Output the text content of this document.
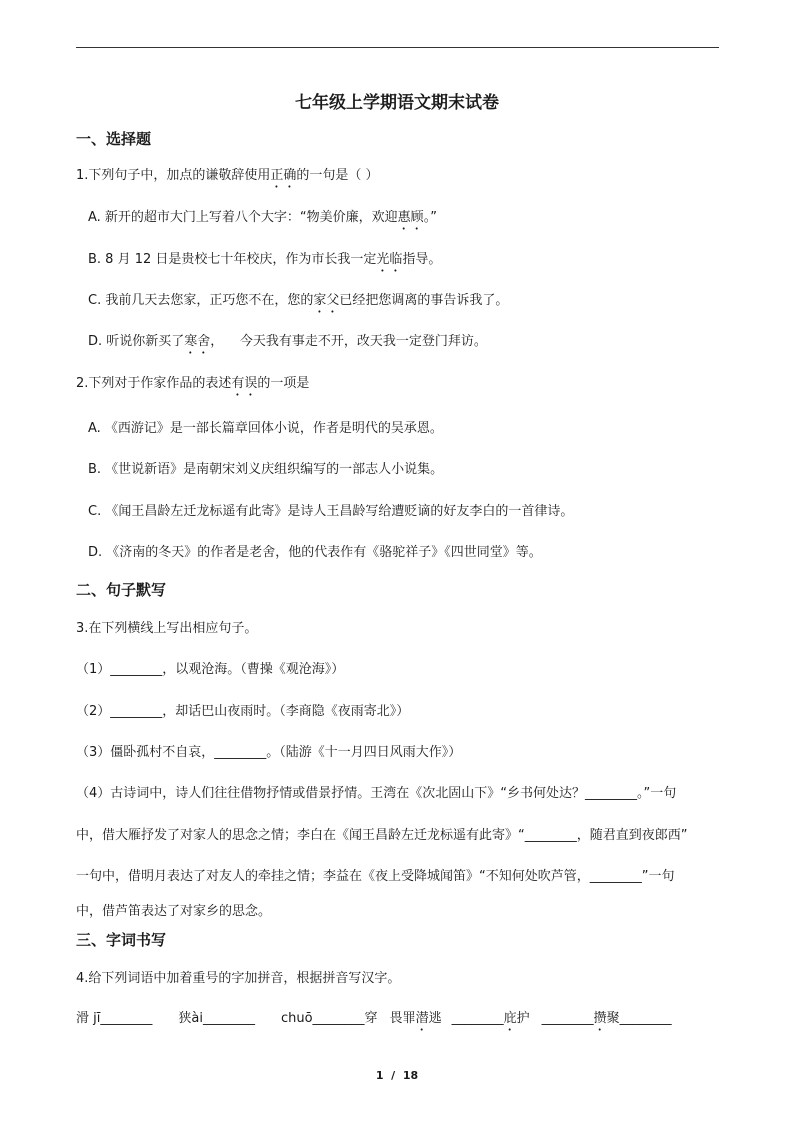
七年级上学期语文期末试卷
一、选择题
1.下列句子中，加点的谦敬辞使用正确的一句是（ ）
A. 新开的超市大门上写着八个大字：“物美价廉，欢迎惠顾。”
B. 8 月 12 日是贵校七十年校庆，作为市长我一定光临指导。
C. 我前几天去您家，正巧您不在，您的家父已经把您调离的事告诉我了。
D. 听说你新买了寒舍，    今天我有事走不开，改天我一定登门拜访。
2.下列对于作家作品的表述有误的一项是
A. 《西游记》是一部长篇章回体小说，作者是明代的吴承恩。
B. 《世说新语》是南朝宋刘义庆组织编写的一部志人小说集。
C. 《闻王昌龄左迁龙标遥有此寄》是诗人王昌龄写给遭贬谪的好友李白的一首律诗。
D. 《济南的冬天》的作者是老舍，他的代表作有《骆驼祥子》《四世同堂》等。
二、句子默写
3.在下列横线上写出相应句子。
（1）________，以观沧海。（曹操《观沧海》）
（2）________，却话巴山夜雨时。（李商隐《夜雨寄北》）
（3）僵卧孤村不自哀，________。（陆游《十一月四日风雨大作》）
（4）古诗词中，诗人们往往借物抒情或借景抒情。王湾在《次北固山下》“乡书何处达？________。”一句
中，借大雁抒发了对家人的思念之情；李白在《闻王昌龄左迁龙标遥有此寄》“________，随君直到夜郎西”
一句中，借明月表达了对友人的牵挂之情；李益在《夜上受降城闻笛》“不知何处吹芦管，________”一句
中，借芦笛表达了对家乡的思念。
三、字词书写
4.给下列词语中加着重号的字加拼音，根据拼音写汉字。
滑 jī________ 狭ài________ chuō________穿 畏罪潜逃 ________庇护 ________攒聚________
1  /  18
